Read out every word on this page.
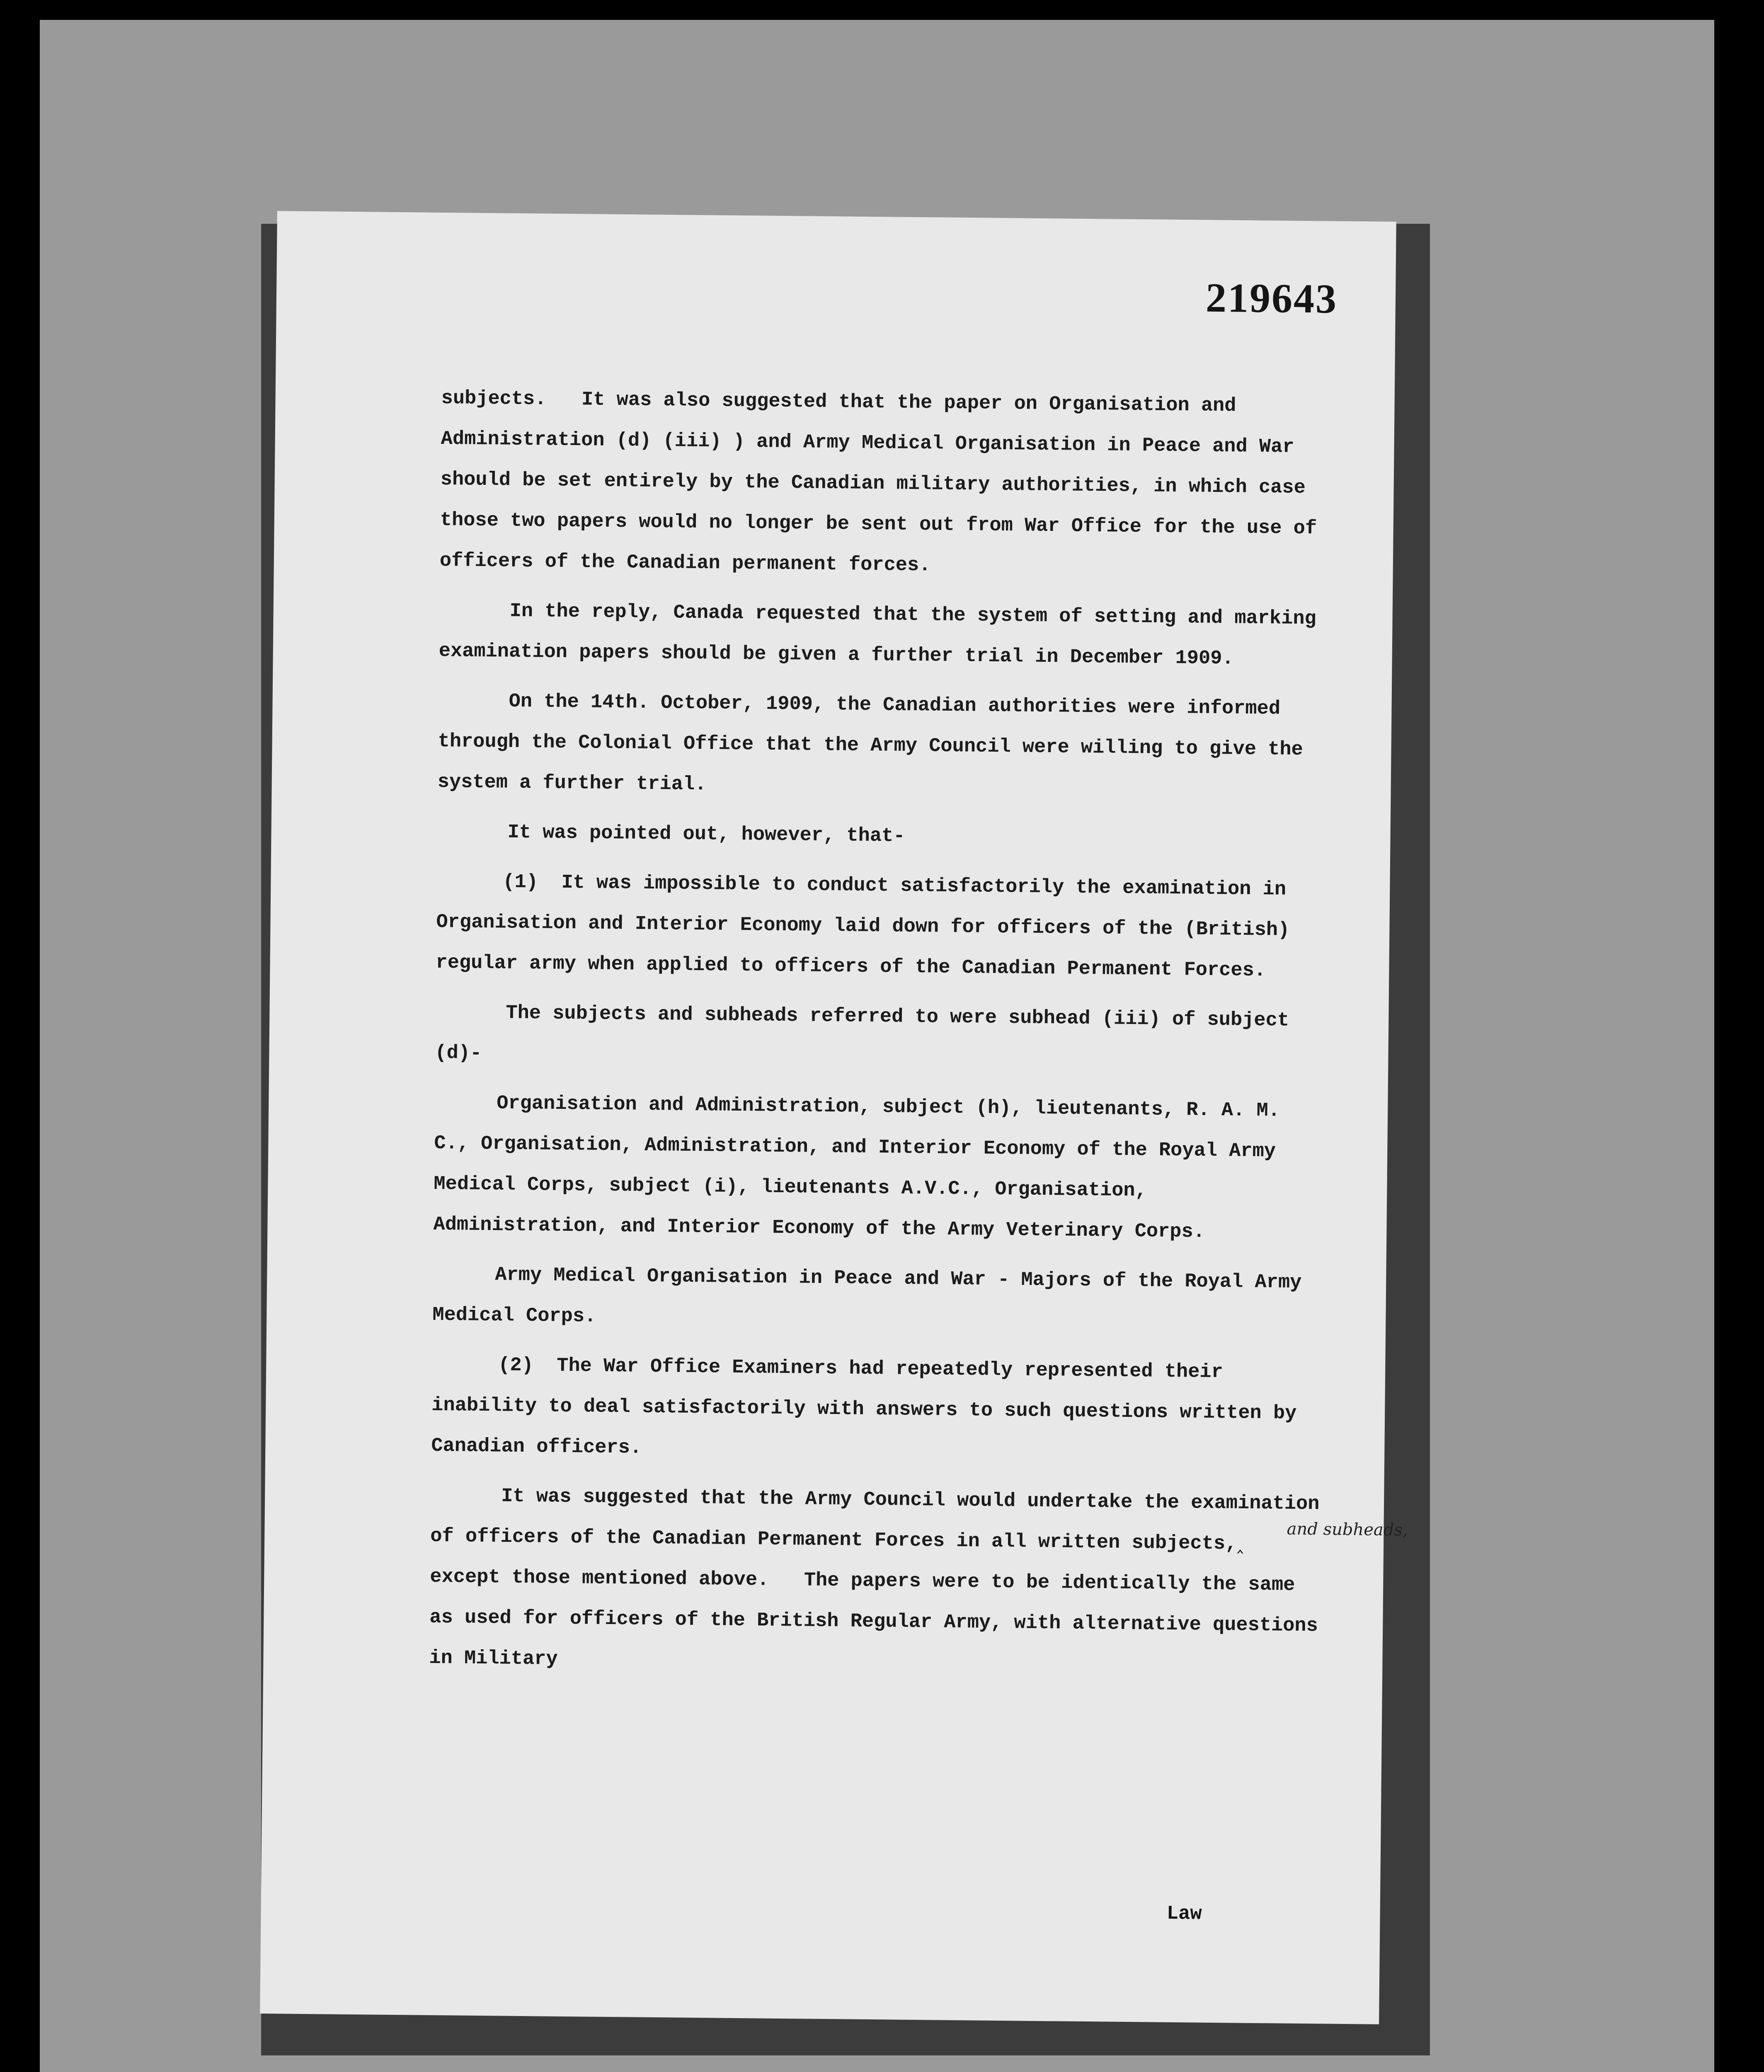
219643

subjects.   It was also suggested that the paper on Organisation and Administration (d) (iii) ) and Army Medical Organisation in Peace and War should be set entirely by the Canadian military authorities, in which case those two papers would no longer be sent out from War Office for the use of officers of the Canadian permanent forces.

In the reply, Canada requested that the system of setting and marking examination papers should be given a further trial in December 1909.

On the 14th. October, 1909, the Canadian authorities were informed through the Colonial Office that the Army Council were willing to give the system a further trial.

It was pointed out, however, that-

(1)  It was impossible to conduct satisfactorily the examination in Organisation and Interior Economy laid down for officers of the (British) regular army when applied to officers of the Canadian Permanent Forces.

The subjects and subheads referred to were subhead (iii) of subject (d)-

Organisation and Administration, subject (h), lieutenants, R. A. M. C., Organisation, Administration, and Interior Economy of the Royal Army Medical Corps, subject (i), lieutenants A.V.C., Organisation, Administration, and Interior Economy of the Army Veterinary Corps.

Army Medical Organisation in Peace and War - Majors of the Royal Army Medical Corps.

(2)  The War Office Examiners had repeatedly represented their inability to deal satisfactorily with answers to such questions written by Canadian officers.

It was suggested that the Army Council would undertake the examination of officers of the Canadian Permanent Forces in all written subjects,	and subheads,
‸ except those mentioned above.   The papers were to be identically the same as used for officers of the British Regular Army, with alternative questions in Military

Law
